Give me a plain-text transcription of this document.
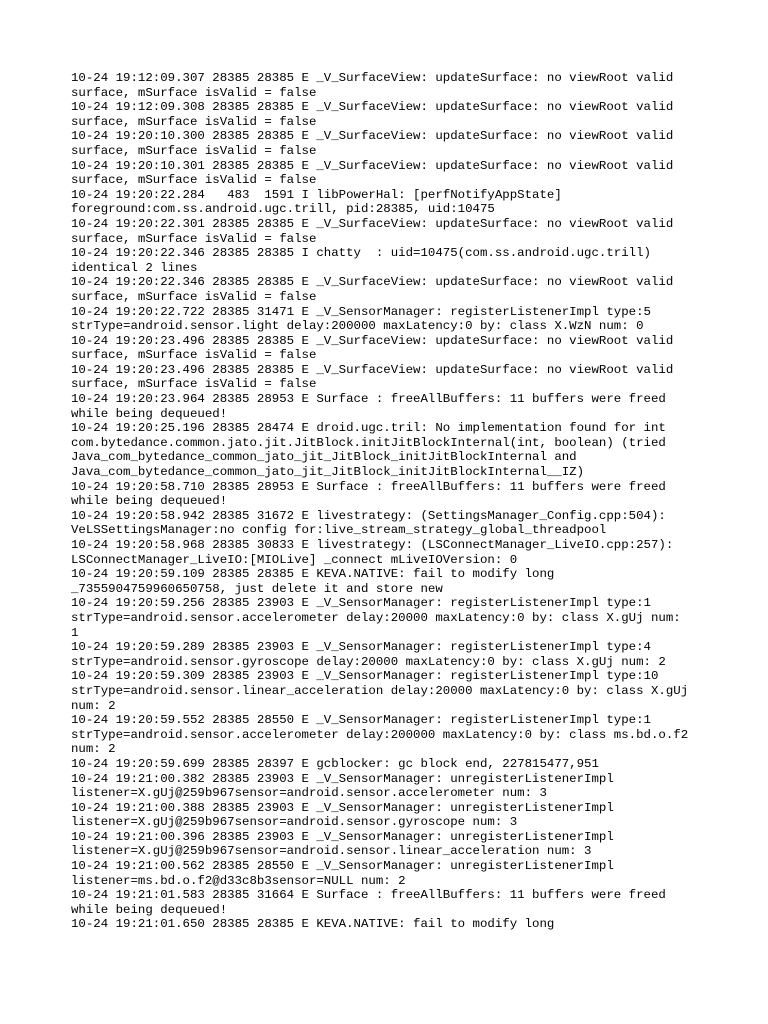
10-24 19:12:09.307 28385 28385 E _V_SurfaceView: updateSurface: no viewRoot valid
surface, mSurface isValid = false
10-24 19:12:09.308 28385 28385 E _V_SurfaceView: updateSurface: no viewRoot valid
surface, mSurface isValid = false
10-24 19:20:10.300 28385 28385 E _V_SurfaceView: updateSurface: no viewRoot valid
surface, mSurface isValid = false
10-24 19:20:10.301 28385 28385 E _V_SurfaceView: updateSurface: no viewRoot valid
surface, mSurface isValid = false
10-24 19:20:22.284   483  1591 I libPowerHal: [perfNotifyAppState]
foreground:com.ss.android.ugc.trill, pid:28385, uid:10475
10-24 19:20:22.301 28385 28385 E _V_SurfaceView: updateSurface: no viewRoot valid
surface, mSurface isValid = false
10-24 19:20:22.346 28385 28385 I chatty  : uid=10475(com.ss.android.ugc.trill)
identical 2 lines
10-24 19:20:22.346 28385 28385 E _V_SurfaceView: updateSurface: no viewRoot valid
surface, mSurface isValid = false
10-24 19:20:22.722 28385 31471 E _V_SensorManager: registerListenerImpl type:5
strType=android.sensor.light delay:200000 maxLatency:0 by: class X.WzN num: 0
10-24 19:20:23.496 28385 28385 E _V_SurfaceView: updateSurface: no viewRoot valid
surface, mSurface isValid = false
10-24 19:20:23.496 28385 28385 E _V_SurfaceView: updateSurface: no viewRoot valid
surface, mSurface isValid = false
10-24 19:20:23.964 28385 28953 E Surface : freeAllBuffers: 11 buffers were freed
while being dequeued!
10-24 19:20:25.196 28385 28474 E droid.ugc.tril: No implementation found for int
com.bytedance.common.jato.jit.JitBlock.initJitBlockInternal(int, boolean) (tried
Java_com_bytedance_common_jato_jit_JitBlock_initJitBlockInternal and
Java_com_bytedance_common_jato_jit_JitBlock_initJitBlockInternal__IZ)
10-24 19:20:58.710 28385 28953 E Surface : freeAllBuffers: 11 buffers were freed
while being dequeued!
10-24 19:20:58.942 28385 31672 E livestrategy: (SettingsManager_Config.cpp:504):
VeLSSettingsManager:no config for:live_stream_strategy_global_threadpool
10-24 19:20:58.968 28385 30833 E livestrategy: (LSConnectManager_LiveIO.cpp:257):
LSConnectManager_LiveIO:[MIOLive] _connect mLiveIOVersion: 0
10-24 19:20:59.109 28385 28385 E KEVA.NATIVE: fail to modify long
_7355904759960650758, just delete it and store new
10-24 19:20:59.256 28385 23903 E _V_SensorManager: registerListenerImpl type:1
strType=android.sensor.accelerometer delay:20000 maxLatency:0 by: class X.gUj num:
1
10-24 19:20:59.289 28385 23903 E _V_SensorManager: registerListenerImpl type:4
strType=android.sensor.gyroscope delay:20000 maxLatency:0 by: class X.gUj num: 2
10-24 19:20:59.309 28385 23903 E _V_SensorManager: registerListenerImpl type:10
strType=android.sensor.linear_acceleration delay:20000 maxLatency:0 by: class X.gUj
num: 2
10-24 19:20:59.552 28385 28550 E _V_SensorManager: registerListenerImpl type:1
strType=android.sensor.accelerometer delay:200000 maxLatency:0 by: class ms.bd.o.f2
num: 2
10-24 19:20:59.699 28385 28397 E gcblocker: gc block end, 227815477,951
10-24 19:21:00.382 28385 23903 E _V_SensorManager: unregisterListenerImpl
listener=X.gUj@259b967sensor=android.sensor.accelerometer num: 3
10-24 19:21:00.388 28385 23903 E _V_SensorManager: unregisterListenerImpl
listener=X.gUj@259b967sensor=android.sensor.gyroscope num: 3
10-24 19:21:00.396 28385 23903 E _V_SensorManager: unregisterListenerImpl
listener=X.gUj@259b967sensor=android.sensor.linear_acceleration num: 3
10-24 19:21:00.562 28385 28550 E _V_SensorManager: unregisterListenerImpl
listener=ms.bd.o.f2@d33c8b3sensor=NULL num: 2
10-24 19:21:01.583 28385 31664 E Surface : freeAllBuffers: 11 buffers were freed
while being dequeued!
10-24 19:21:01.650 28385 28385 E KEVA.NATIVE: fail to modify long
